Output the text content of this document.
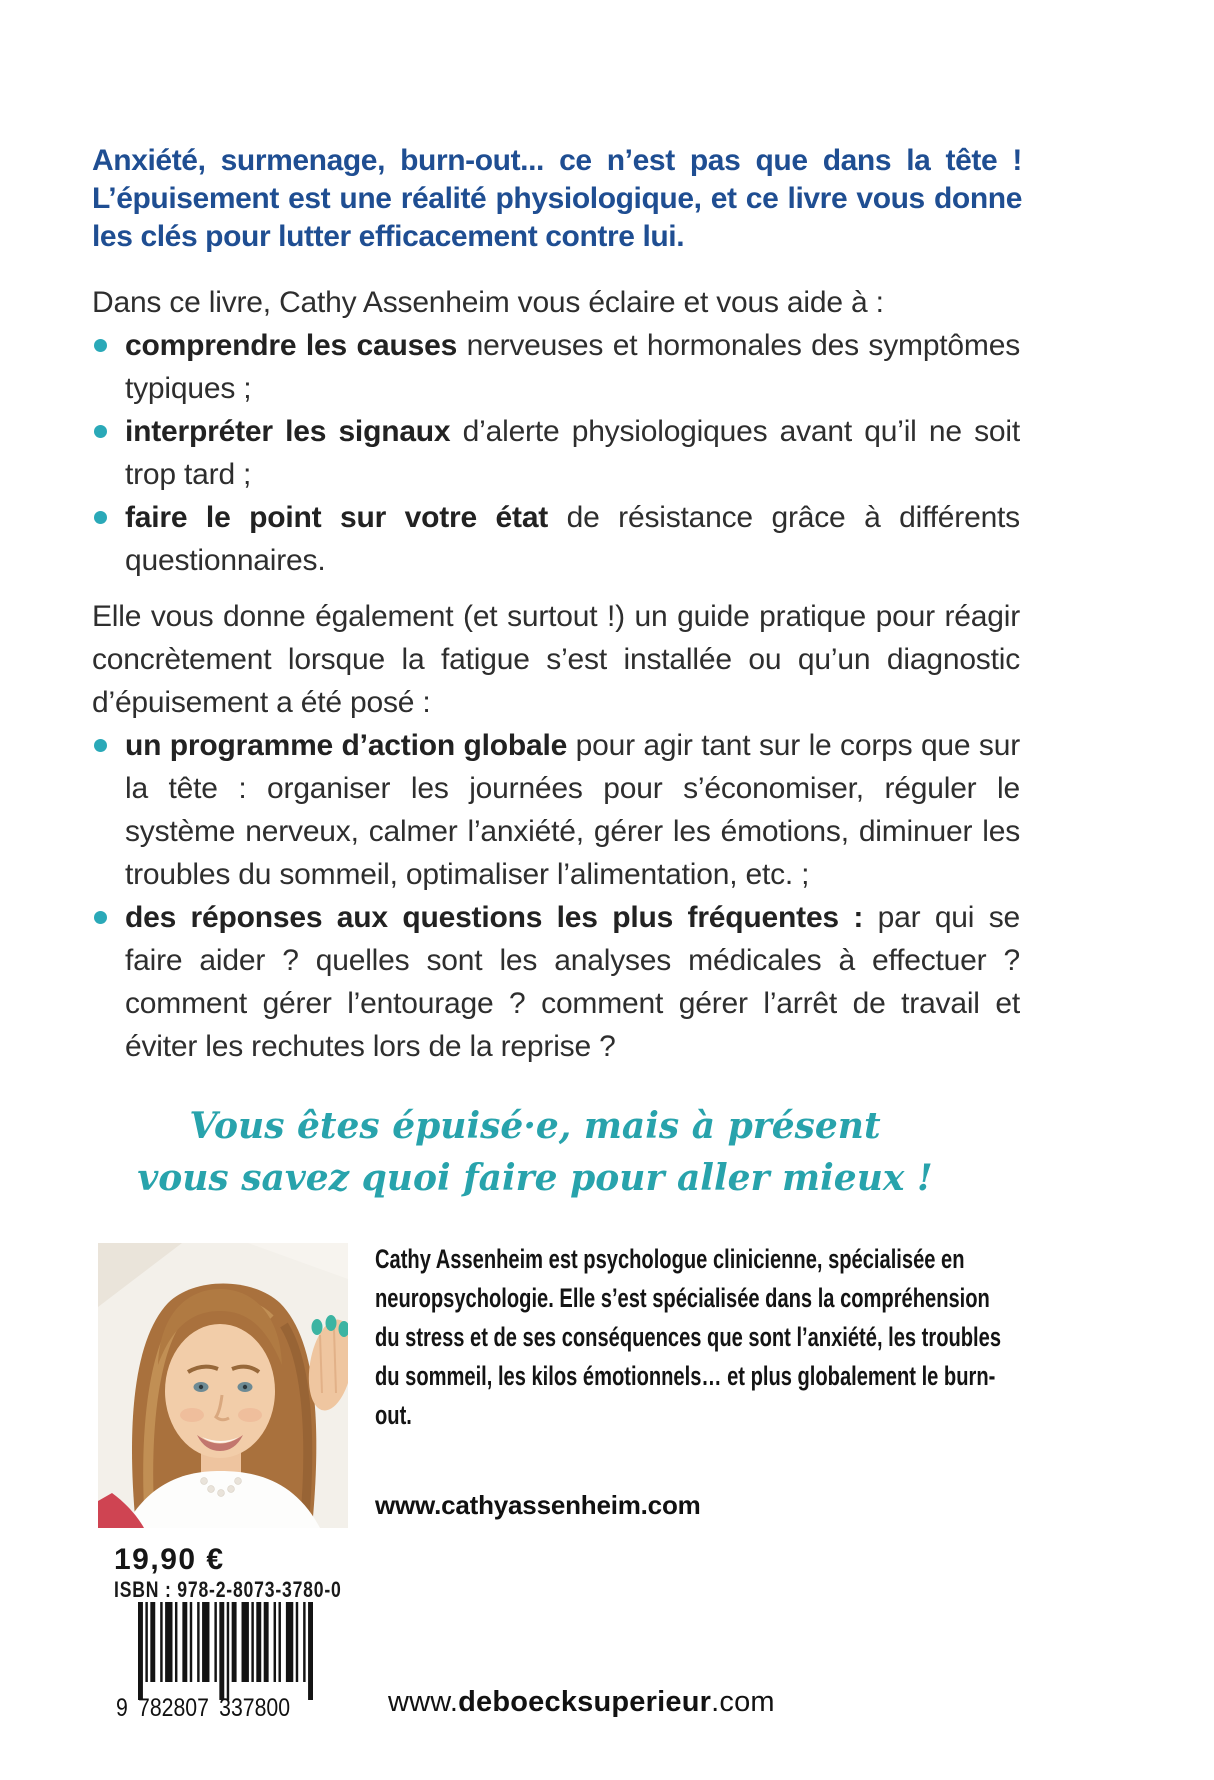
Anxiété, surmenage, burn-out... ce n’est pas que dans la tête ! L’épuisement est une réalité physiologique, et ce livre vous donne les clés pour lutter efficacement contre lui.

Dans ce livre, Cathy Assenheim vous éclaire et vous aide à :

comprendre les causes nerveuses et hormonales des symptômes typiques ;
interpréter les signaux d’alerte physiologiques avant qu’il ne soit trop tard ;
faire le point sur votre état de résistance grâce à différents questionnaires.

Elle vous donne également (et surtout !) un guide pratique pour réagir concrètement lorsque la fatigue s’est installée ou qu’un diagnostic d’épuisement a été posé :

un programme d’action globale pour agir tant sur le corps que sur la tête : organiser les journées pour s’économiser, réguler le système nerveux, calmer l’anxiété, gérer les émotions, diminuer les troubles du sommeil, optimaliser l’alimentation, etc. ;
des réponses aux questions les plus fréquentes : par qui se faire aider ? quelles sont les analyses médicales à effectuer ? comment gérer l’entourage ? comment gérer l’arrêt de travail et éviter les rechutes lors de la reprise ?
Vous êtes épuisé·e, mais à présent
vous savez quoi faire pour aller mieux !
Cathy Assenheim est psychologue clinicienne, spécialisée en neuropsychologie. Elle s’est spécialisée dans la compréhension du stress et de ses conséquences que sont l’anxiété, les troubles du sommeil, les kilos émotionnels… et plus globalement le burn-out.
www.cathyassenheim.com
19,90 €
ISBN : 978-2-8073-3780-0
9 782807 337800	www.deboecksuperieur.com
